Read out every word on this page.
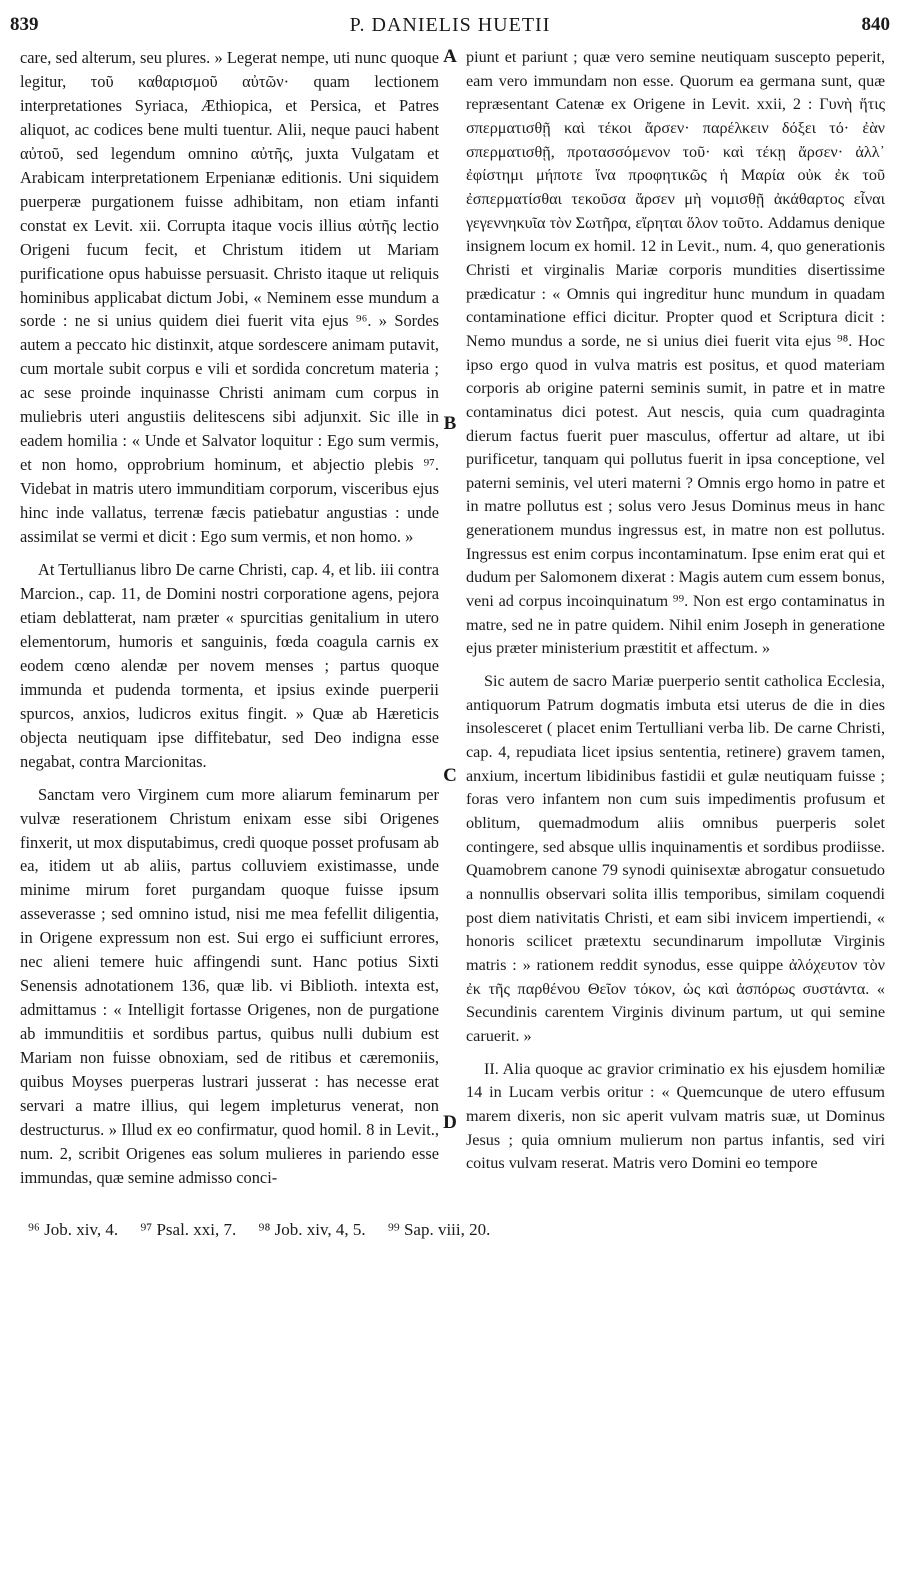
839	P. DANIELIS HUETII	840

care, sed alterum, seu plures. » Legerat nempe, uti nunc quoque legitur, τοῦ καθαρισμοῦ αὐτῶν· quam lectionem interpretationes Syriaca, Æthiopica, et Persica, et Patres aliquot, ac codices bene multi tuentur. Alii, neque pauci habent αὐτοῦ, sed legendum omnino αὐτῆς, juxta Vulgatam et Arabicam interpretationem Erpenianæ editionis. Uni siquidem puerperæ purgationem fuisse adhibitam, non etiam infanti constat ex Levit. xii. Corrupta itaque vocis illius αὐτῆς lectio Origeni fucum fecit, et Christum itidem ut Mariam purificatione opus habuisse persuasit. Christo itaque ut reliquis hominibus applicabat dictum Jobi, « Neminem esse mundum a sorde : ne si unius quidem diei fuerit vita ejus ⁹⁶. » Sordes autem a peccato hic distinxit, atque sordescere animam putavit, cum mortale subit corpus e vili et sordida concretum materia ; ac sese proinde inquinasse Christi animam cum corpus in muliebris uteri angustiis delitescens sibi adjunxit. Sic ille in eadem homilia : « Unde et Salvator loquitur : Ego sum vermis, et non homo, opprobrium hominum, et abjectio plebis ⁹⁷. Videbat in matris utero immunditiam corporum, visceribus ejus hinc inde vallatus, terrenæ fæcis patiebatur angustias : unde assimilat se vermi et dicit : Ego sum vermis, et non homo. »

At Tertullianus libro De carne Christi, cap. 4, et lib. iii contra Marcion., cap. 11, de Domini nostri corporatione agens, pejora etiam deblatterat, nam præter « spurcitias genitalium in utero elementorum, humoris et sanguinis, fœda coagula carnis ex eodem cœno alendæ per novem menses ; partus quoque immunda et pudenda tormenta, et ipsius exinde puerperii spurcos, anxios, ludicros exitus fingit. » Quæ ab Hæreticis objecta neutiquam ipse diffitebatur, sed Deo indigna esse negabat, contra Marcionitas.

Sanctam vero Virginem cum more aliarum feminarum per vulvæ reserationem Christum enixam esse sibi Origenes finxerit, ut mox disputabimus, credi quoque posset profusam ab ea, itidem ut ab aliis, partus colluviem existimasse, unde minime mirum foret purgandam quoque fuisse ipsum asseverasse ; sed omnino istud, nisi me mea fefellit diligentia, in Origene expressum non est. Sui ergo ei sufficiunt errores, nec alieni temere huic affingendi sunt. Hanc potius Sixti Senensis adnotationem 136, quæ lib. vi Biblioth. intexta est, admittamus : « Intelligit fortasse Origenes, non de purgatione ab immunditiis et sordibus partus, quibus nulli dubium est Mariam non fuisse obnoxiam, sed de ritibus et cæremoniis, quibus Moyses puerperas lustrari jusserat : has necesse erat servari a matre illius, qui legem impleturus venerat, non destructurus. » Illud ex eo confirmatur, quod homil. 8 in Levit., num. 2, scribit Origenes eas solum mulieres in pariendo esse immundas, quæ semine admisso conci-

A
B
C
D

piunt et pariunt ; quæ vero semine neutiquam suscepto peperit, eam vero immundam non esse. Quorum ea germana sunt, quæ repræsentant Catenæ ex Origene in Levit. xxii, 2 : Γυνὴ ἥτις σπερματισθῇ καὶ τέκοι ἄρσεν· παρέλκειν δόξει τό· ἐὰν σπερματισθῇ, προτασσόμενον τοῦ· καὶ τέκῃ ἄρσεν· ἀλλ᾽ ἐφίστημι μήποτε ἵνα προφητικῶς ἡ Μαρία οὐκ ἐκ τοῦ ἐσπερματίσθαι τεκοῦσα ἄρσεν μὴ νομισθῇ ἀκάθαρτος εἶναι γεγεννηκυῖα τὸν Σωτῆρα, εἴρηται ὅλον τοῦτο. Addamus denique insignem locum ex homil. 12 in Levit., num. 4, quo generationis Christi et virginalis Mariæ corporis mundities disertissime prædicatur : « Omnis qui ingreditur hunc mundum in quadam contaminatione effici dicitur. Propter quod et Scriptura dicit : Nemo mundus a sorde, ne si unius diei fuerit vita ejus ⁹⁸. Hoc ipso ergo quod in vulva matris est positus, et quod materiam corporis ab origine paterni seminis sumit, in patre et in matre contaminatus dici potest. Aut nescis, quia cum quadraginta dierum factus fuerit puer masculus, offertur ad altare, ut ibi purificetur, tanquam qui pollutus fuerit in ipsa conceptione, vel paterni seminis, vel uteri materni ? Omnis ergo homo in patre et in matre pollutus est ; solus vero Jesus Dominus meus in hanc generationem mundus ingressus est, in matre non est pollutus. Ingressus est enim corpus incontaminatum. Ipse enim erat qui et dudum per Salomonem dixerat : Magis autem cum essem bonus, veni ad corpus incoinquinatum ⁹⁹. Non est ergo contaminatus in matre, sed ne in patre quidem. Nihil enim Joseph in generatione ejus præter ministerium præstitit et affectum. »

Sic autem de sacro Mariæ puerperio sentit catholica Ecclesia, antiquorum Patrum dogmatis imbuta etsi uterus de die in dies insolesceret ( placet enim Tertulliani verba lib. De carne Christi, cap. 4, repudiata licet ipsius sententia, retinere) gravem tamen, anxium, incertum libidinibus fastidii et gulæ neutiquam fuisse ; foras vero infantem non cum suis impedimentis profusum et oblitum, quemadmodum aliis omnibus puerperis solet contingere, sed absque ullis inquinamentis et sordibus prodiisse. Quamobrem canone 79 synodi quinisextæ abrogatur consuetudo a nonnullis observari solita illis temporibus, similam coquendi post diem nativitatis Christi, et eam sibi invicem impertiendi, « honoris scilicet prætextu secundinarum impollutæ Virginis matris : » rationem reddit synodus, esse quippe ἀλόχευτον τὸν ἐκ τῆς παρθένου Θεῖον τόκον, ὡς καὶ ἀσπόρως συστάντα. « Secundinis carentem Virginis divinum partum, ut qui semine caruerit. »

II. Alia quoque ac gravior criminatio ex his ejusdem homiliæ 14 in Lucam verbis oritur : « Quemcunque de utero effusum marem dixeris, non sic aperit vulvam matris suæ, ut Dominus Jesus ; quia omnium mulierum non partus infantis, sed viri coitus vulvam reserat. Matris vero Domini eo tempore

⁹⁶ Job. xiv, 4. ⁹⁷ Psal. xxi, 7. ⁹⁸ Job. xiv, 4, 5. ⁹⁹ Sap. viii, 20.
